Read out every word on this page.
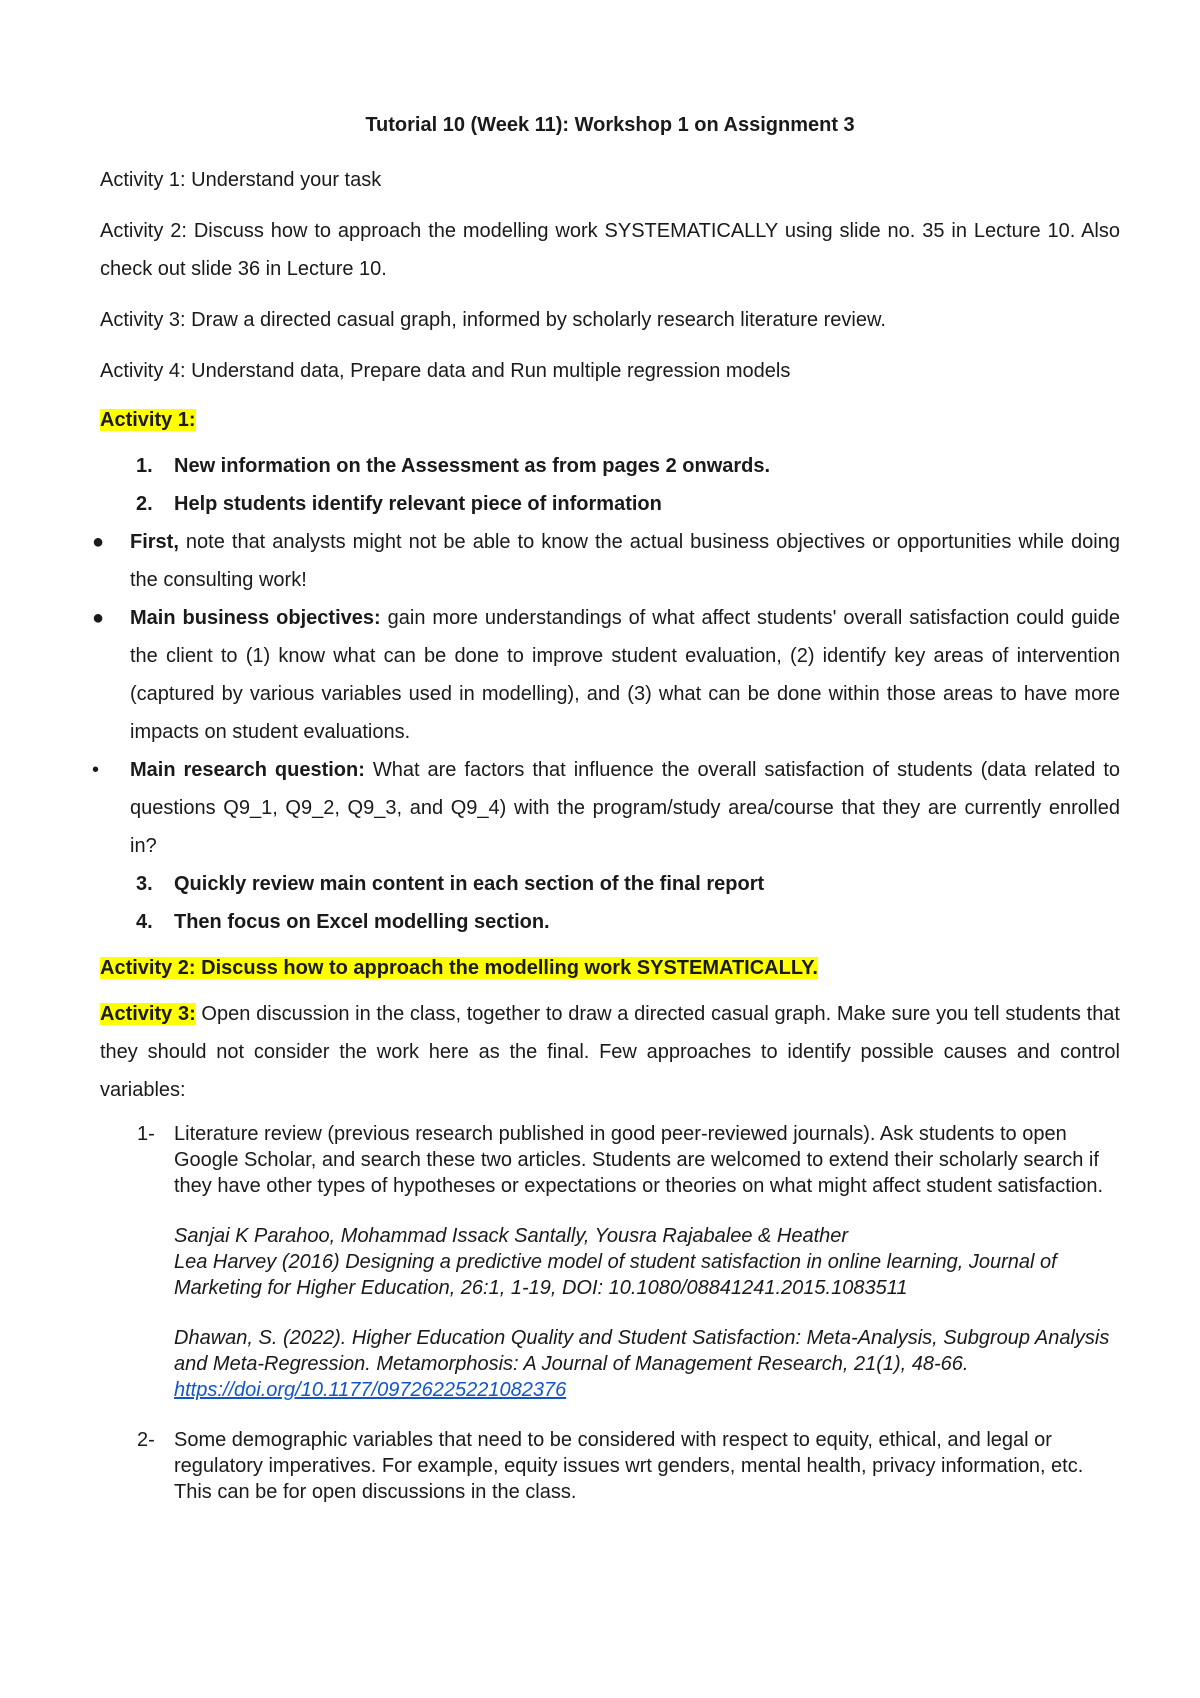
Tutorial 10 (Week 11): Workshop 1 on Assignment 3

Activity 1: Understand your task

Activity 2: Discuss how to approach the modelling work SYSTEMATICALLY using slide no. 35 in Lecture 10. Also check out slide 36 in Lecture 10.

Activity 3: Draw a directed casual graph, informed by scholarly research literature review.

Activity 4: Understand data, Prepare data and Run multiple regression models

Activity 1:

1. New information on the Assessment as from pages 2 onwards.
2. Help students identify relevant piece of information
● First, note that analysts might not be able to know the actual business objectives or opportunities while doing the consulting work!
● Main business objectives: gain more understandings of what affect students' overall satisfaction could guide the client to (1) know what can be done to improve student evaluation, (2) identify key areas of intervention (captured by various variables used in modelling), and (3) what can be done within those areas to have more impacts on student evaluations.
• Main research question: What are factors that influence the overall satisfaction of students (data related to questions Q9_1, Q9_2, Q9_3, and Q9_4) with the program/study area/course that they are currently enrolled in?
3. Quickly review main content in each section of the final report
4. Then focus on Excel modelling section.

Activity 2: Discuss how to approach the modelling work SYSTEMATICALLY.

Activity 3: Open discussion in the class, together to draw a directed casual graph. Make sure you tell students that they should not consider the work here as the final. Few approaches to identify possible causes and control variables:

1- Literature review (previous research published in good peer-reviewed journals). Ask students to open Google Scholar, and search these two articles. Students are welcomed to extend their scholarly search if they have other types of hypotheses or expectations or theories on what might affect student satisfaction.
Sanjai K Parahoo, Mohammad Issack Santally, Yousra Rajabalee & Heather
Lea Harvey (2016) Designing a predictive model of student satisfaction in online learning, Journal of Marketing for Higher Education, 26:1, 1-19, DOI: 10.1080/08841241.2015.1083511
Dhawan, S. (2022). Higher Education Quality and Student Satisfaction: Meta-Analysis, Subgroup Analysis and Meta-Regression. Metamorphosis: A Journal of Management Research, 21(1), 48-66. https://doi.org/10.1177/09726225221082376
2- Some demographic variables that need to be considered with respect to equity, ethical, and legal or regulatory imperatives. For example, equity issues wrt genders, mental health, privacy information, etc. This can be for open discussions in the class.
